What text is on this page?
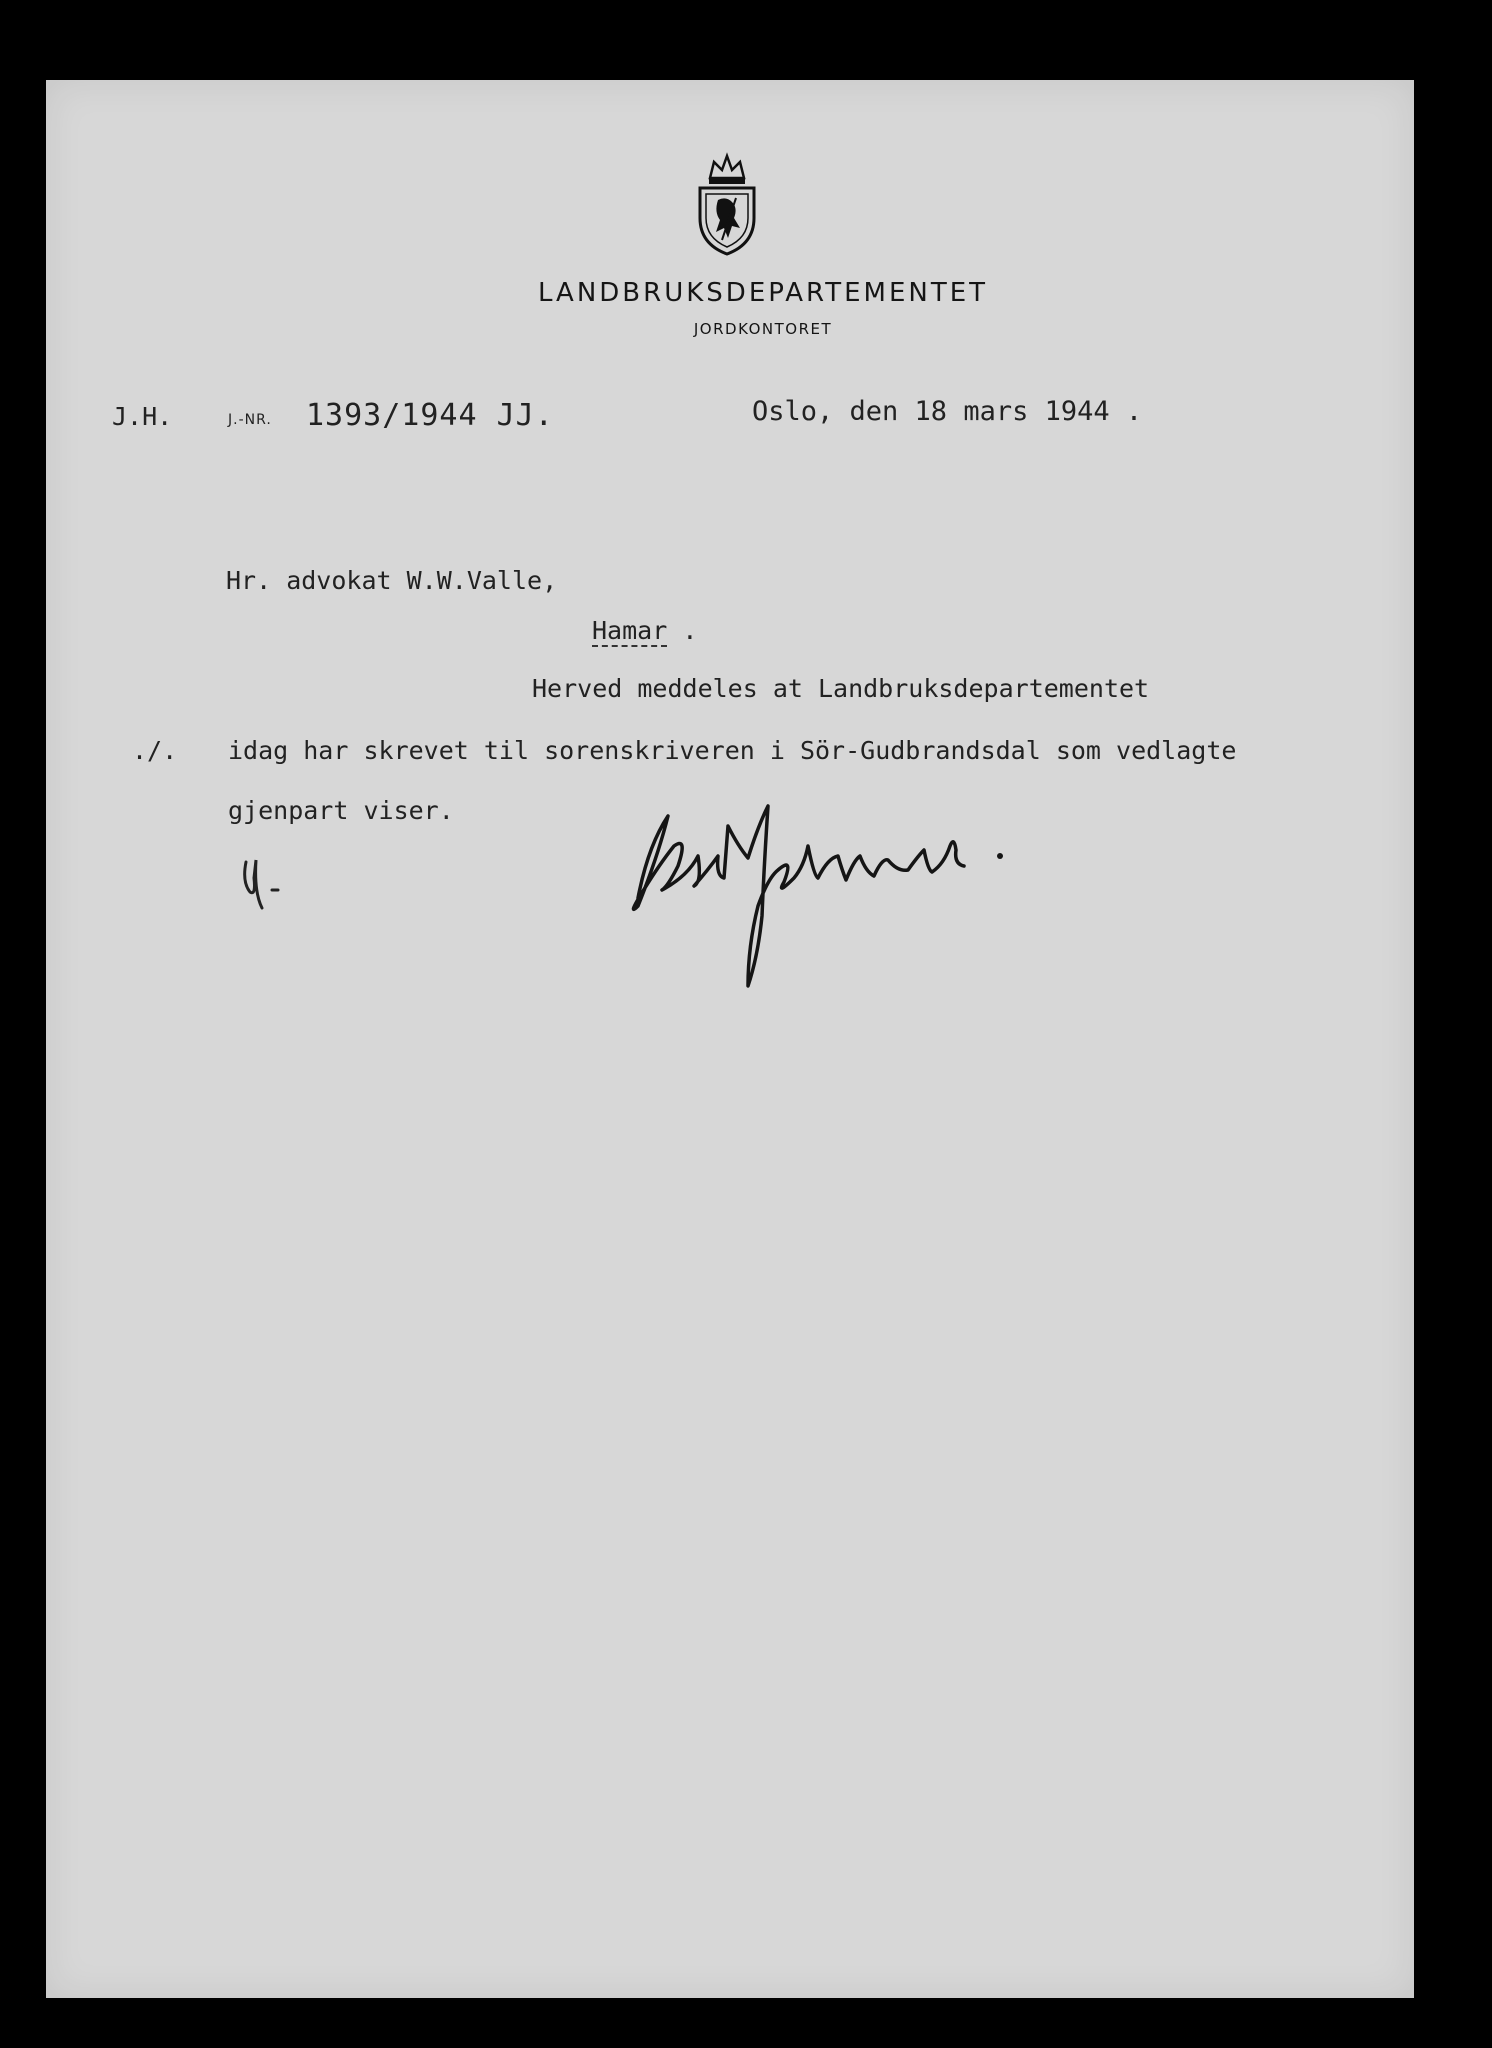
LANDBRUKSDEPARTEMENTET
JORDKONTORET
J.H.	J.-NR. 1393/1944 JJ.	Oslo, den 18 mars 1944 .
Hr. advokat W.W.Valle,
Hamar .
Herved meddeles at Landbruksdepartementet
./. idag har skrevet til sorenskriveren i Sör-Gudbrandsdal som vedlagte
gjenpart viser.
